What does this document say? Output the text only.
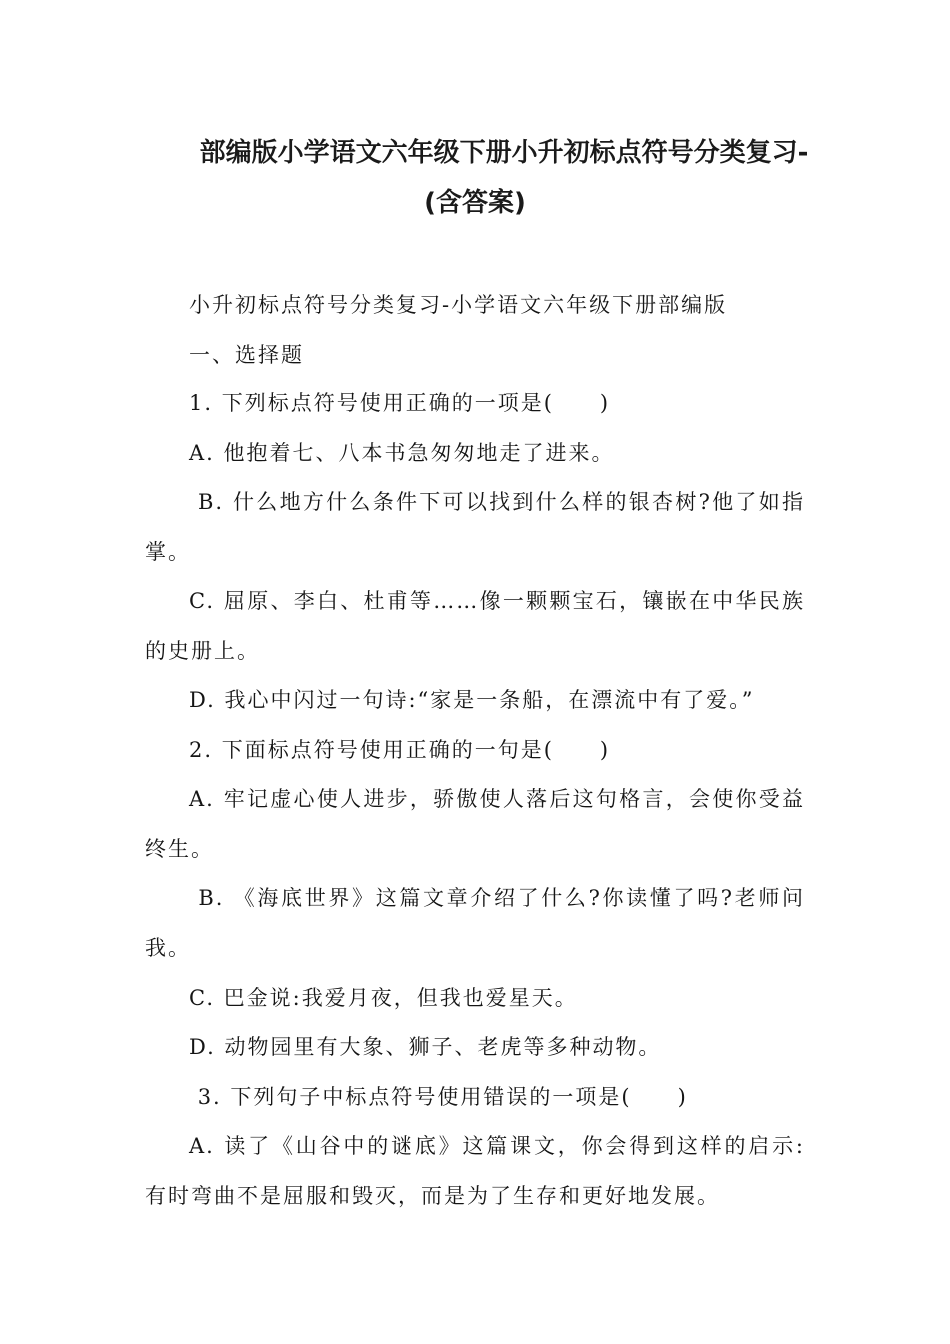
部编版小学语文六年级下册小升初标点符号分类复习-
(含答案)
小升初标点符号分类复习-小学语文六年级下册部编版
一、选择题
1. 下列标点符号使用正确的一项是(　　)
A. 他抱着七、八本书急匆匆地走了进来。
B. 什么地方什么条件下可以找到什么样的银杏树?他了如指掌。
C. 屈原、李白、杜甫等……像一颗颗宝石，镶嵌在中华民族的史册上。
D. 我心中闪过一句诗:“家是一条船，在漂流中有了爱。”
2. 下面标点符号使用正确的一句是(　　)
A. 牢记虚心使人进步，骄傲使人落后这句格言，会使你受益终生。
B. 《海底世界》这篇文章介绍了什么?你读懂了吗?老师问我。
C. 巴金说:我爱月夜，但我也爱星天。
D. 动物园里有大象、狮子、老虎等多种动物。
3. 下列句子中标点符号使用错误的一项是(　　)
A. 读了《山谷中的谜底》这篇课文，你会得到这样的启示:有时弯曲不是屈服和毁灭，而是为了生存和更好地发展。
